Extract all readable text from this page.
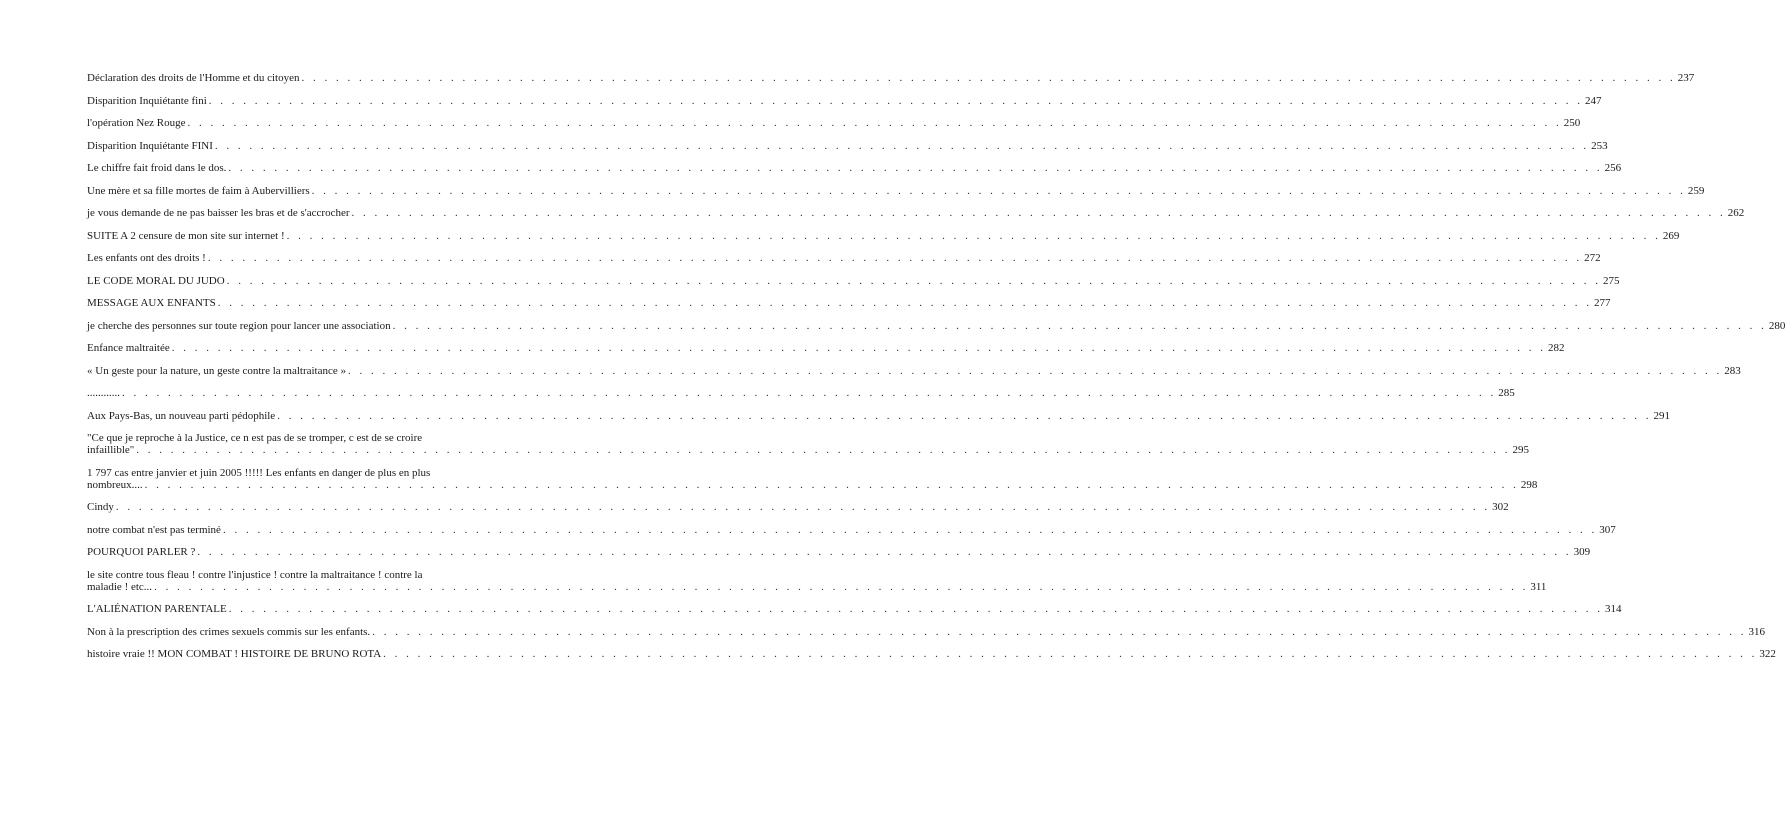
Déclaration des droits de l'Homme et du citoyen . . . . . . . . . . . . . . . . . . . . . . . . . . . . . . . . . . . . . . . . . . . . . . . . . . . . . . . . . . . . . . . . . . . . . . . . . . . . . . . . . . . . . . . . . . . . . . . . . . . . . . . . . . . . . . . . . . . . . . . . 237
Disparition Inquiétante fini . . . . . . . . . . . . . . . . . . . . . . . . . . . . . . . . . . . . . . . . . . . . . . . . . . . . . . . . . . . . . . . . . . . . . . . . . . . . . . . . . . . . . . . . . . . . . . . . . . . . . . . . . . . . . . . . . . . . . . . . 247
l'opération Nez Rouge . . . . . . . . . . . . . . . . . . . . . . . . . . . . . . . . . . . . . . . . . . . . . . . . . . . . . . . . . . . . . . . . . . . . . . . . . . . . . . . . . . . . . . . . . . . . . . . . . . . . . . . . . . . . . . . . . . . . . . . . 250
Disparition Inquiétante FINI . . . . . . . . . . . . . . . . . . . . . . . . . . . . . . . . . . . . . . . . . . . . . . . . . . . . . . . . . . . . . . . . . . . . . . . . . . . . . . . . . . . . . . . . . . . . . . . . . . . . . . . . . . . . . . . . . . . . . . . . 253
Le chiffre fait froid dans le dos. . . . . . . . . . . . . . . . . . . . . . . . . . . . . . . . . . . . . . . . . . . . . . . . . . . . . . . . . . . . . . . . . . . . . . . . . . . . . . . . . . . . . . . . . . . . . . . . . . . . . . . . . . . . . . . . . . . . . . . . . 256
Une mère et sa fille mortes de faim à Aubervilliers . . . . . . . . . . . . . . . . . . . . . . . . . . . . . . . . . . . . . . . . . . . . . . . . . . . . . . . . . . . . . . . . . . . . . . . . . . . . . . . . . . . . . . . . . . . . . . . . . . . . . . . . . . . . . . . . . . . . . . . . 259
je vous demande de ne pas baisser les bras et de s'accrocher . . . . . . . . . . . . . . . . . . . . . . . . . . . . . . . . . . . . . . . . . . . . . . . . . . . . . . . . . . . . . . . . . . . . . . . . . . . . . . . . . . . . . . . . . . . . . . . . . . . . . . . . . . . . . . . . . . . . . . . . 262
SUITE A 2 censure de mon site sur internet ! . . . . . . . . . . . . . . . . . . . . . . . . . . . . . . . . . . . . . . . . . . . . . . . . . . . . . . . . . . . . . . . . . . . . . . . . . . . . . . . . . . . . . . . . . . . . . . . . . . . . . . . . . . . . . . . . . . . . . . . . 269
Les enfants ont des droits ! . . . . . . . . . . . . . . . . . . . . . . . . . . . . . . . . . . . . . . . . . . . . . . . . . . . . . . . . . . . . . . . . . . . . . . . . . . . . . . . . . . . . . . . . . . . . . . . . . . . . . . . . . . . . . . . . . . . . . . . . 272
LE CODE MORAL DU JUDO . . . . . . . . . . . . . . . . . . . . . . . . . . . . . . . . . . . . . . . . . . . . . . . . . . . . . . . . . . . . . . . . . . . . . . . . . . . . . . . . . . . . . . . . . . . . . . . . . . . . . . . . . . . . . . . . . . . . . . . . 275
MESSAGE AUX ENFANTS . . . . . . . . . . . . . . . . . . . . . . . . . . . . . . . . . . . . . . . . . . . . . . . . . . . . . . . . . . . . . . . . . . . . . . . . . . . . . . . . . . . . . . . . . . . . . . . . . . . . . . . . . . . . . . . . . . . . . . . . 277
je cherche des personnes sur toute region pour lancer une association . . . . . . . . . . . . . . . . . . . . . . . . . . . . . . . . . . . . . . . . . . . . . . . . . . . . . . . . . . . . . . . . . . . . . . . . . . . . . . . . . . . . . . . . . . . . . . . . . . . . . . . . . . . . . . . . . . . . . . . . 280
Enfance maltraitée . . . . . . . . . . . . . . . . . . . . . . . . . . . . . . . . . . . . . . . . . . . . . . . . . . . . . . . . . . . . . . . . . . . . . . . . . . . . . . . . . . . . . . . . . . . . . . . . . . . . . . . . . . . . . . . . . . . . . . . . 282
« Un geste pour la nature, un geste contre la maltraitance » . . . . . . . . . . . . . . . . . . . . . . . . . . . . . . . . . . . . . . . . . . . . . . . . . . . . . . . . . . . . . . . . . . . . . . . . . . . . . . . . . . . . . . . . . . . . . . . . . . . . . . . . . . . . . . . . . . . . . . . . 283
............ . . . . . . . . . . . . . . . . . . . . . . . . . . . . . . . . . . . . . . . . . . . . . . . . . . . . . . . . . . . . . . . . . . . . . . . . . . . . . . . . . . . . . . . . . . . . . . . . . . . . . . . . . . . . . . . . . . . . . . . . 285
Aux Pays-Bas, un nouveau parti pédophile . . . . . . . . . . . . . . . . . . . . . . . . . . . . . . . . . . . . . . . . . . . . . . . . . . . . . . . . . . . . . . . . . . . . . . . . . . . . . . . . . . . . . . . . . . . . . . . . . . . . . . . . . . . . . . . . . . . . . . . . 291
"Ce que je reproche à la Justice, ce n est pas de se tromper, c est de se croire
infaillible" . . . . . . . . . . . . . . . . . . . . . . . . . . . . . . . . . . . . . . . . . . . . . . . . . . . . . . . . . . . . . . . . . . . . . . . . . . . . . . . . . . . . . . . . . . . . . . . . . . . . . . . . . . . . . . . . . . . . . . . . 295
1 797 cas entre janvier et juin 2005 !!!!! Les enfants en danger de plus en plus
nombreux.... . . . . . . . . . . . . . . . . . . . . . . . . . . . . . . . . . . . . . . . . . . . . . . . . . . . . . . . . . . . . . . . . . . . . . . . . . . . . . . . . . . . . . . . . . . . . . . . . . . . . . . . . . . . . . . . . . . . . . . . . 298
Cindy . . . . . . . . . . . . . . . . . . . . . . . . . . . . . . . . . . . . . . . . . . . . . . . . . . . . . . . . . . . . . . . . . . . . . . . . . . . . . . . . . . . . . . . . . . . . . . . . . . . . . . . . . . . . . . . . . . . . . . . . 302
notre combat n'est pas terminé . . . . . . . . . . . . . . . . . . . . . . . . . . . . . . . . . . . . . . . . . . . . . . . . . . . . . . . . . . . . . . . . . . . . . . . . . . . . . . . . . . . . . . . . . . . . . . . . . . . . . . . . . . . . . . . . . . . . . . . . 307
POURQUOI PARLER ? . . . . . . . . . . . . . . . . . . . . . . . . . . . . . . . . . . . . . . . . . . . . . . . . . . . . . . . . . . . . . . . . . . . . . . . . . . . . . . . . . . . . . . . . . . . . . . . . . . . . . . . . . . . . . . . . . . . . . . . . 309
le site contre tous fleau ! contre l'injustice ! contre la maltraitance ! contre la
maladie ! etc... . . . . . . . . . . . . . . . . . . . . . . . . . . . . . . . . . . . . . . . . . . . . . . . . . . . . . . . . . . . . . . . . . . . . . . . . . . . . . . . . . . . . . . . . . . . . . . . . . . . . . . . . . . . . . . . . . . . . . . . . 311
L'ALIÉNATION PARENTALE . . . . . . . . . . . . . . . . . . . . . . . . . . . . . . . . . . . . . . . . . . . . . . . . . . . . . . . . . . . . . . . . . . . . . . . . . . . . . . . . . . . . . . . . . . . . . . . . . . . . . . . . . . . . . . . . . . . . . . . . 314
Non à la prescription des crimes sexuels commis sur les enfants. . . . . . . . . . . . . . . . . . . . . . . . . . . . . . . . . . . . . . . . . . . . . . . . . . . . . . . . . . . . . . . . . . . . . . . . . . . . . . . . . . . . . . . . . . . . . . . . . . . . . . . . . . . . . . . . . . . . . . . . . 316
histoire vraie !! MON COMBAT ! HISTOIRE DE BRUNO ROTA . . . . . . . . . . . . . . . . . . . . . . . . . . . . . . . . . . . . . . . . . . . . . . . . . . . . . . . . . . . . . . . . . . . . . . . . . . . . . . . . . . . . . . . . . . . . . . . . . . . . . . . . . . . . . . . . . . . . . . . . 322
